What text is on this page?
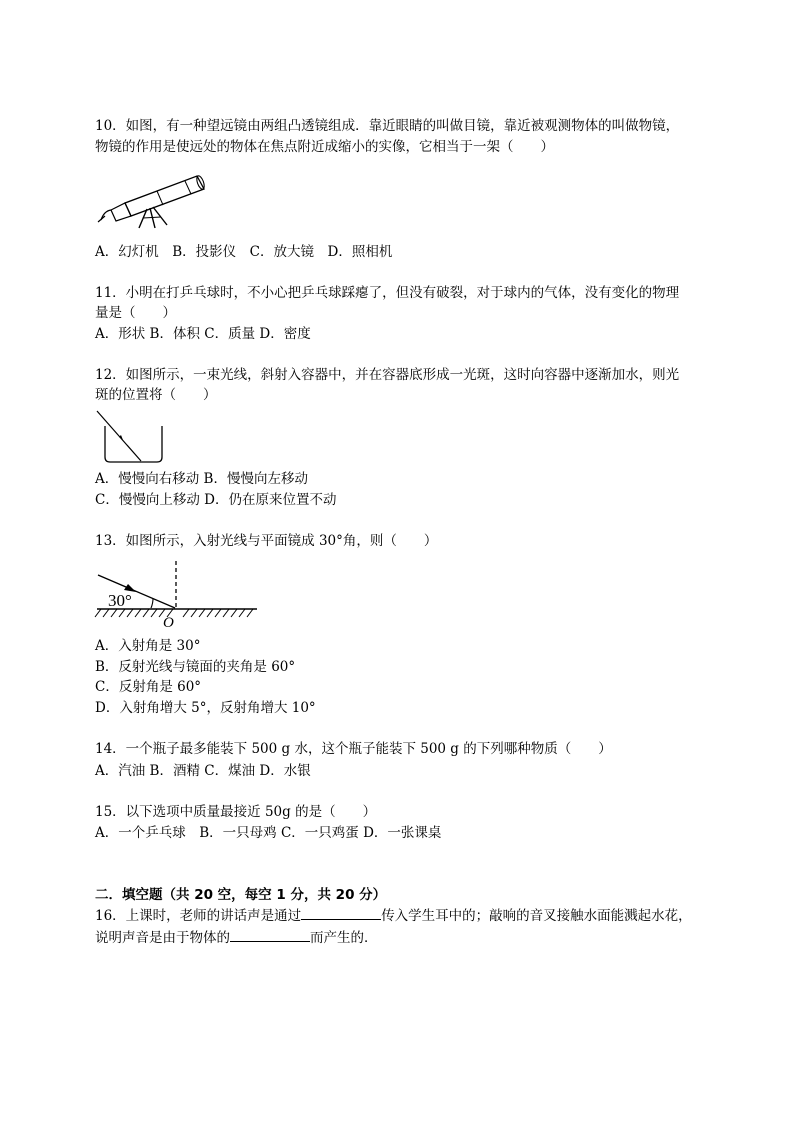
10．如图，有一种望远镜由两组凸透镜组成．靠近眼睛的叫做目镜，靠近被观测物体的叫做物镜，
物镜的作用是使远处的物体在焦点附近成缩小的实像，它相当于一架（　　）
A．幻灯机　B．投影仪　C．放大镜　D．照相机
11．小明在打乒乓球时，不小心把乒乓球踩瘪了，但没有破裂，对于球内的气体，没有变化的物理
量是（　　）
A．形状 B．体积 C．质量 D．密度
12．如图所示，一束光线，斜射入容器中，并在容器底形成一光斑，这时向容器中逐渐加水，则光
斑的位置将（　　）
A．慢慢向右移动 B．慢慢向左移动
C．慢慢向上移动 D．仍在原来位置不动
13．如图所示，入射光线与平面镜成 30°角，则（　　）
30°
O
A．入射角是 30°
B．反射光线与镜面的夹角是 60°
C．反射角是 60°
D．入射角增大 5°，反射角增大 10°
14．一个瓶子最多能装下 500 g 水，这个瓶子能装下 500 g 的下列哪种物质（　　）
A．汽油 B．酒精 C．煤油 D．水银
15．以下选项中质量最接近 50g 的是（　　）
A．一个乒乓球　B．一只母鸡 C．一只鸡蛋 D．一张课桌
二．填空题（共 20 空，每空 1 分，共 20 分）
16．上课时，老师的讲话声是通过	传入学生耳中的；敲响的音叉接触水面能溅起水花，
说明声音是由于物体的	而产生的．
